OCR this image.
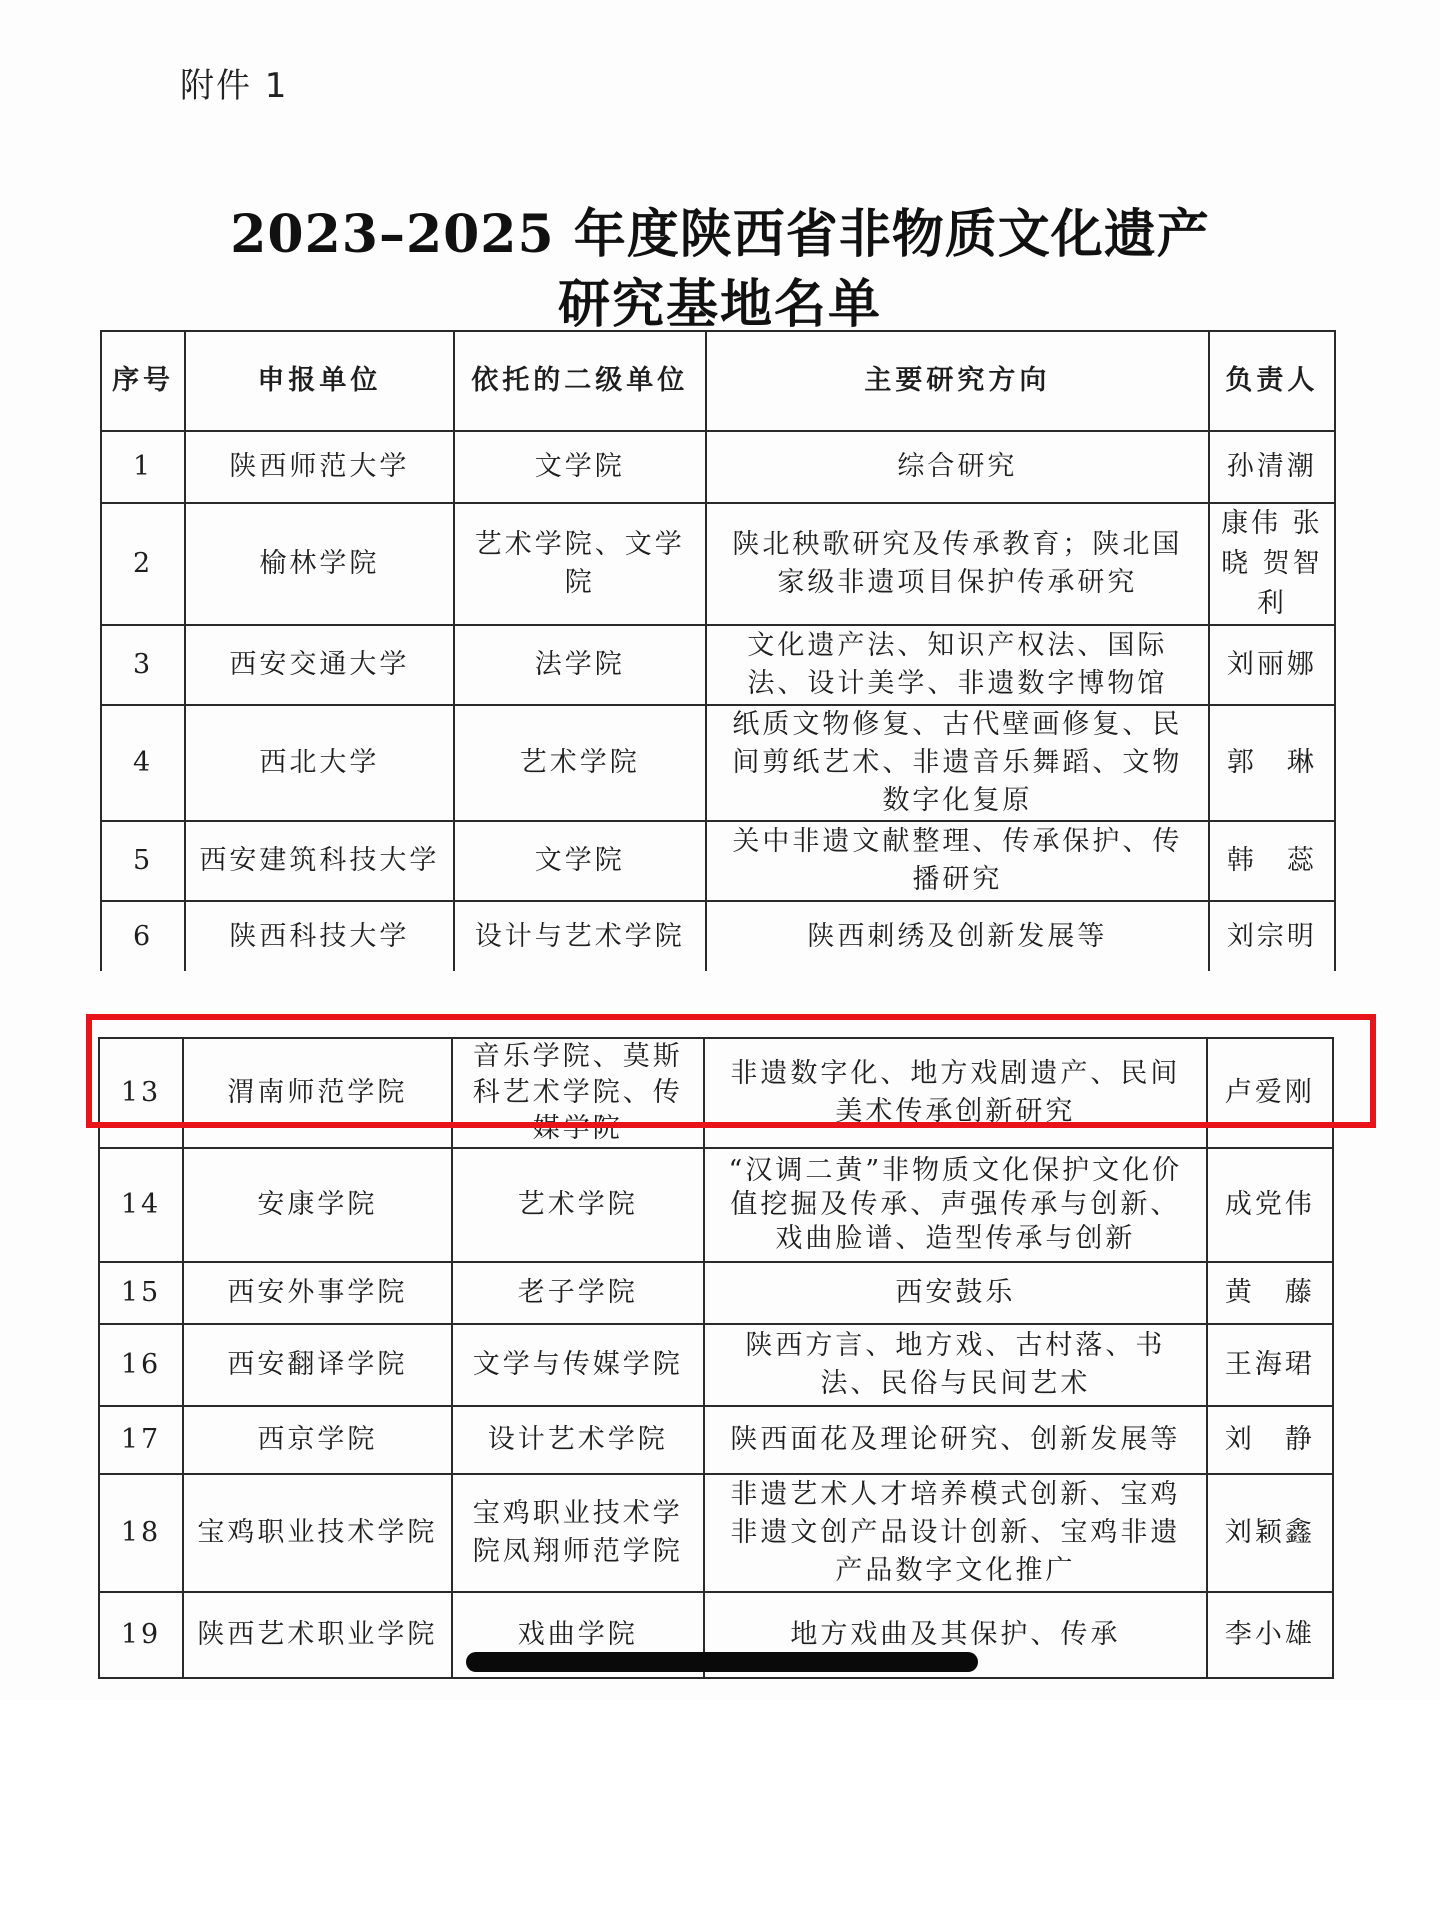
附件 1
2023–2025 年度陕西省非物质文化遗产
研究基地名单
序号	申报单位	依托的二级单位	主要研究方向	负责人
1	陕西师范大学	文学院	综合研究	孙清潮
2	榆林学院	艺术学院、文学院	陕北秧歌研究及传承教育；陕北国家级非遗项目保护传承研究	康伟 张晓 贺智利
3	西安交通大学	法学院	文化遗产法、知识产权法、国际法、设计美学、非遗数字博物馆	刘丽娜
4	西北大学	艺术学院	纸质文物修复、古代壁画修复、民间剪纸艺术、非遗音乐舞蹈、文物数字化复原	郭　琳
5	西安建筑科技大学	文学院	关中非遗文献整理、传承保护、传播研究	韩　蕊
6	陕西科技大学	设计与艺术学院	陕西刺绣及创新发展等	刘宗明
13	渭南师范学院	音乐学院、莫斯科艺术学院、传媒学院	非遗数字化、地方戏剧遗产、民间美术传承创新研究	卢爱刚
14	安康学院	艺术学院	“汉调二黄”非物质文化保护文化价值挖掘及传承、声强传承与创新、戏曲脸谱、造型传承与创新	成党伟
15	西安外事学院	老子学院	西安鼓乐	黄　藤
16	西安翻译学院	文学与传媒学院	陕西方言、地方戏、古村落、书法、民俗与民间艺术	王海珺
17	西京学院	设计艺术学院	陕西面花及理论研究、创新发展等	刘　静
18	宝鸡职业技术学院	宝鸡职业技术学院凤翔师范学院	非遗艺术人才培养模式创新、宝鸡非遗文创产品设计创新、宝鸡非遗产品数字文化推广	刘颖鑫
19	陕西艺术职业学院	戏曲学院	地方戏曲及其保护、传承	李小雄
